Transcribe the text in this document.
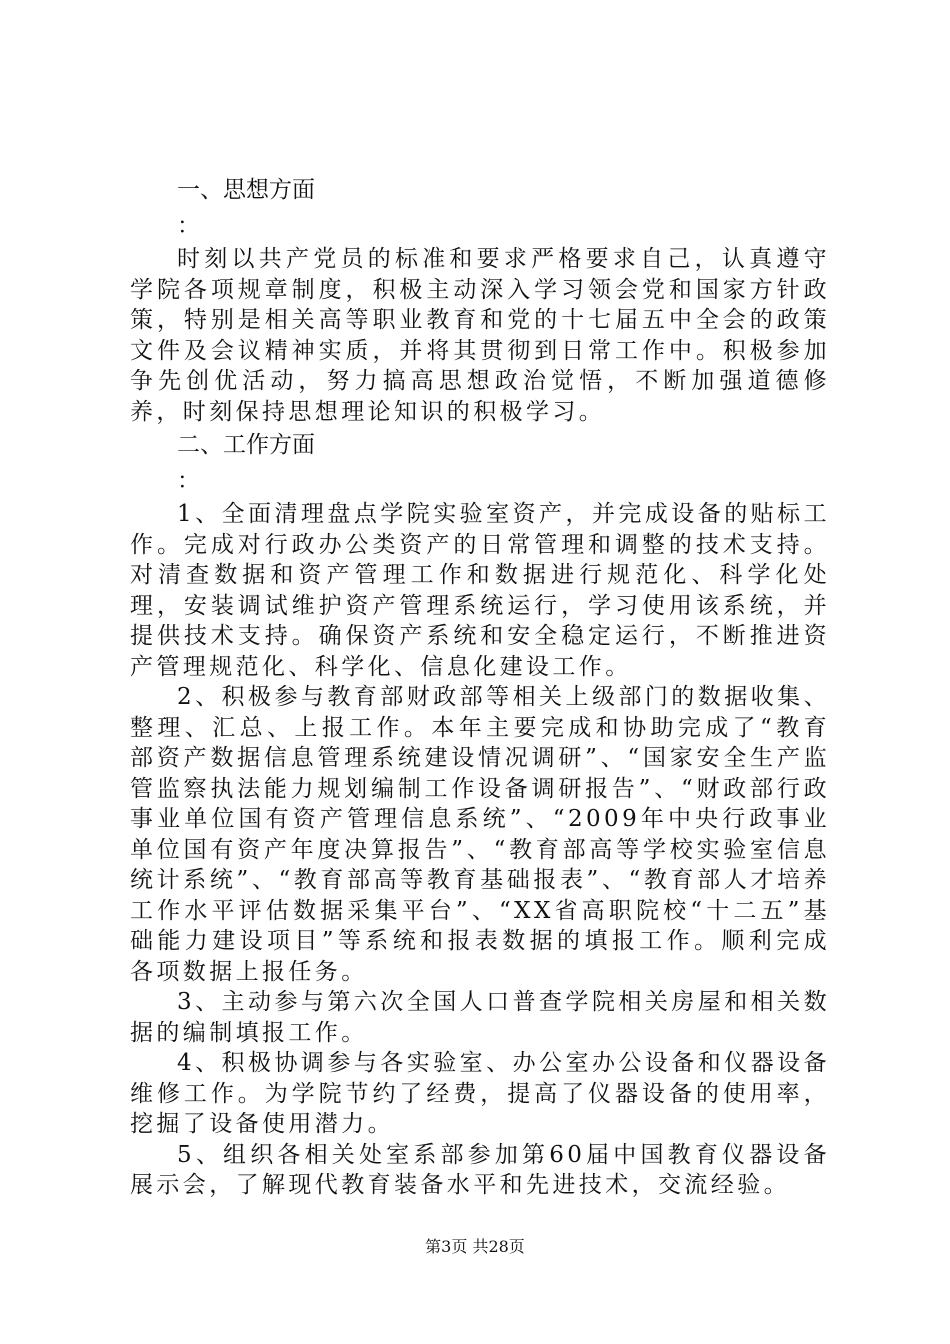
一、思想方面
：

时刻以共产党员的标准和要求严格要求自己，认真遵守学院各项规章制度，积极主动深入学习领会党和国家方针政策，特别是相关高等职业教育和党的十七届五中全会的政策文件及会议精神实质，并将其贯彻到日常工作中。积极参加争先创优活动，努力搞高思想政治觉悟，不断加强道德修养，时刻保持思想理论知识的积极学习。

二、工作方面
：

1、全面清理盘点学院实验室资产，并完成设备的贴标工作。完成对行政办公类资产的日常管理和调整的技术支持。对清查数据和资产管理工作和数据进行规范化、科学化处理，安装调试维护资产管理系统运行，学习使用该系统，并提供技术支持。确保资产系统和安全稳定运行，不断推进资产管理规范化、科学化、信息化建设工作。

2、积极参与教育部财政部等相关上级部门的数据收集、整理、汇总、上报工作。本年主要完成和协助完成了“教育部资产数据信息管理系统建设情况调研”、“国家安全生产监管监察执法能力规划编制工作设备调研报告”、“财政部行政事业单位国有资产管理信息系统”、“2009年中央行政事业单位国有资产年度决算报告”、“教育部高等学校实验室信息统计系统”、“教育部高等教育基础报表”、“教育部人才培养工作水平评估数据采集平台”、“XX省高职院校“十二五”基础能力建设项目”等系统和报表数据的填报工作。顺利完成各项数据上报任务。

3、主动参与第六次全国人口普查学院相关房屋和相关数据的编制填报工作。

4、积极协调参与各实验室、办公室办公设备和仪器设备维修工作。为学院节约了经费，提高了仪器设备的使用率，挖掘了设备使用潜力。

5、组织各相关处室系部参加第60届中国教育仪器设备展示会，了解现代教育装备水平和先进技术，交流经验。

第3页 共28页
